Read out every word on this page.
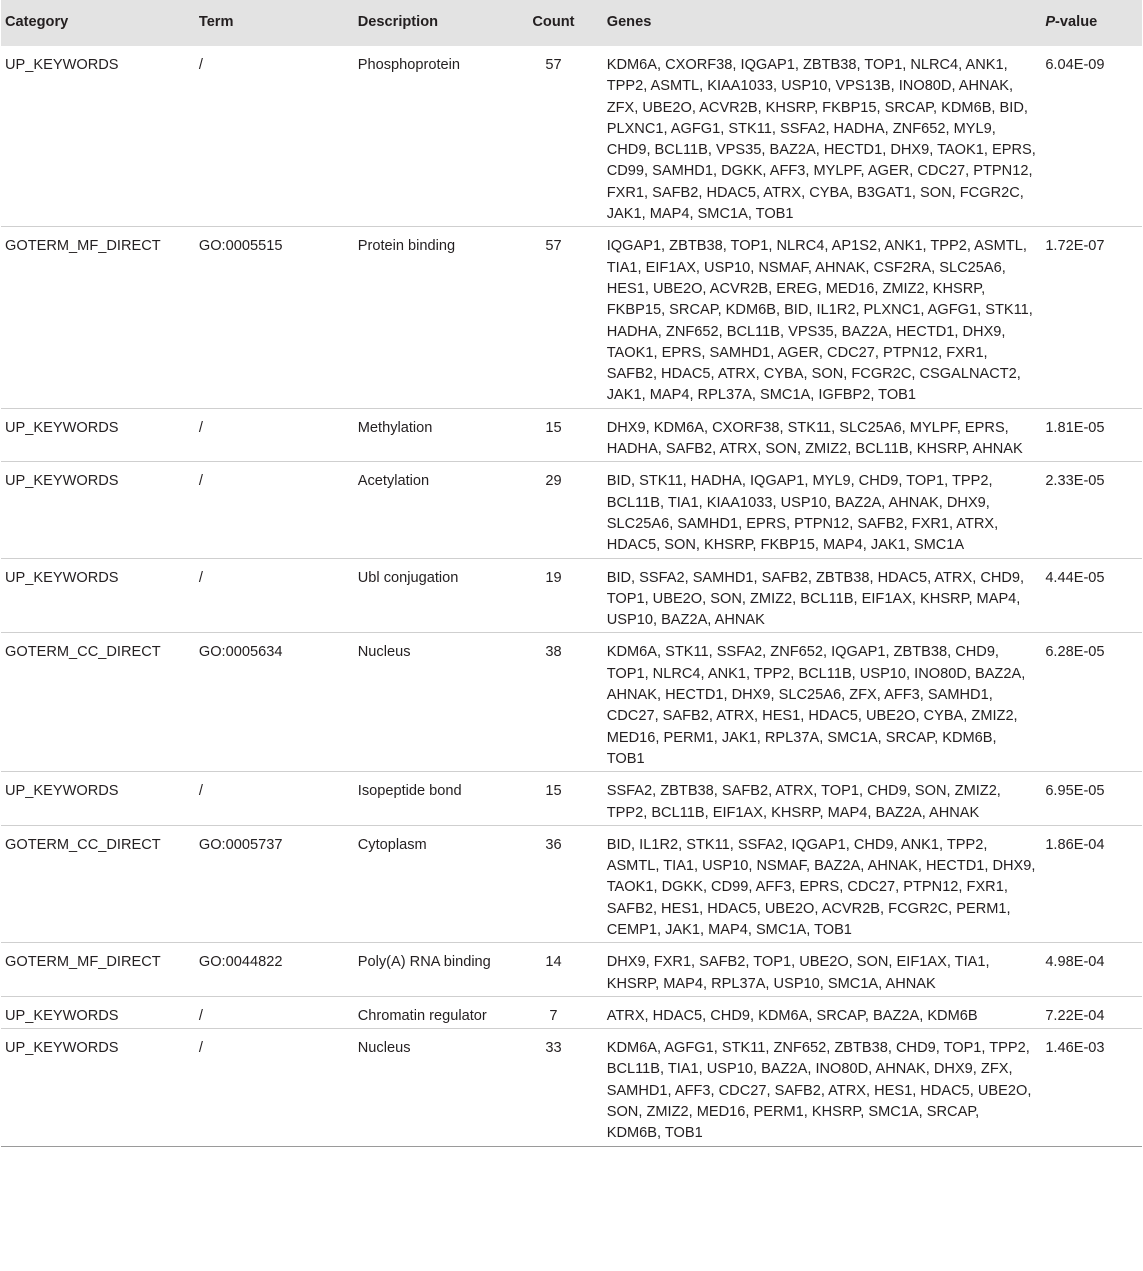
Category	Term	Description	Count	Genes	P-value
UP_KEYWORDS	/	Phosphoprotein	57	KDM6A, CXORF38, IQGAP1, ZBTB38, TOP1, NLRC4, ANK1, TPP2, ASMTL, KIAA1033, USP10, VPS13B, INO80D, AHNAK, ZFX, UBE2O, ACVR2B, KHSRP, FKBP15, SRCAP, KDM6B, BID, PLXNC1, AGFG1, STK11, SSFA2, HADHA, ZNF652, MYL9, CHD9, BCL11B, VPS35, BAZ2A, HECTD1, DHX9, TAOK1, EPRS, CD99, SAMHD1, DGKK, AFF3, MYLPF, AGER, CDC27, PTPN12, FXR1, SAFB2, HDAC5, ATRX, CYBA, B3GAT1, SON, FCGR2C, JAK1, MAP4, SMC1A, TOB1	6.04E-09
GOTERM_MF_DIRECT	GO:0005515	Protein binding	57	IQGAP1, ZBTB38, TOP1, NLRC4, AP1S2, ANK1, TPP2, ASMTL, TIA1, EIF1AX, USP10, NSMAF, AHNAK, CSF2RA, SLC25A6, HES1, UBE2O, ACVR2B, EREG, MED16, ZMIZ2, KHSRP, FKBP15, SRCAP, KDM6B, BID, IL1R2, PLXNC1, AGFG1, STK11, HADHA, ZNF652, BCL11B, VPS35, BAZ2A, HECTD1, DHX9, TAOK1, EPRS, SAMHD1, AGER, CDC27, PTPN12, FXR1, SAFB2, HDAC5, ATRX, CYBA, SON, FCGR2C, CSGALNACT2, JAK1, MAP4, RPL37A, SMC1A, IGFBP2, TOB1	1.72E-07
UP_KEYWORDS	/	Methylation	15	DHX9, KDM6A, CXORF38, STK11, SLC25A6, MYLPF, EPRS, HADHA, SAFB2, ATRX, SON, ZMIZ2, BCL11B, KHSRP, AHNAK	1.81E-05
UP_KEYWORDS	/	Acetylation	29	BID, STK11, HADHA, IQGAP1, MYL9, CHD9, TOP1, TPP2, BCL11B, TIA1, KIAA1033, USP10, BAZ2A, AHNAK, DHX9, SLC25A6, SAMHD1, EPRS, PTPN12, SAFB2, FXR1, ATRX, HDAC5, SON, KHSRP, FKBP15, MAP4, JAK1, SMC1A	2.33E-05
UP_KEYWORDS	/	Ubl conjugation	19	BID, SSFA2, SAMHD1, SAFB2, ZBTB38, HDAC5, ATRX, CHD9, TOP1, UBE2O, SON, ZMIZ2, BCL11B, EIF1AX, KHSRP, MAP4, USP10, BAZ2A, AHNAK	4.44E-05
GOTERM_CC_DIRECT	GO:0005634	Nucleus	38	KDM6A, STK11, SSFA2, ZNF652, IQGAP1, ZBTB38, CHD9, TOP1, NLRC4, ANK1, TPP2, BCL11B, USP10, INO80D, BAZ2A, AHNAK, HECTD1, DHX9, SLC25A6, ZFX, AFF3, SAMHD1, CDC27, SAFB2, ATRX, HES1, HDAC5, UBE2O, CYBA, ZMIZ2, MED16, PERM1, JAK1, RPL37A, SMC1A, SRCAP, KDM6B, TOB1	6.28E-05
UP_KEYWORDS	/	Isopeptide bond	15	SSFA2, ZBTB38, SAFB2, ATRX, TOP1, CHD9, SON, ZMIZ2, TPP2, BCL11B, EIF1AX, KHSRP, MAP4, BAZ2A, AHNAK	6.95E-05
GOTERM_CC_DIRECT	GO:0005737	Cytoplasm	36	BID, IL1R2, STK11, SSFA2, IQGAP1, CHD9, ANK1, TPP2, ASMTL, TIA1, USP10, NSMAF, BAZ2A, AHNAK, HECTD1, DHX9, TAOK1, DGKK, CD99, AFF3, EPRS, CDC27, PTPN12, FXR1, SAFB2, HES1, HDAC5, UBE2O, ACVR2B, FCGR2C, PERM1, CEMP1, JAK1, MAP4, SMC1A, TOB1	1.86E-04
GOTERM_MF_DIRECT	GO:0044822	Poly(A) RNA binding	14	DHX9, FXR1, SAFB2, TOP1, UBE2O, SON, EIF1AX, TIA1, KHSRP, MAP4, RPL37A, USP10, SMC1A, AHNAK	4.98E-04
UP_KEYWORDS	/	Chromatin regulator	7	ATRX, HDAC5, CHD9, KDM6A, SRCAP, BAZ2A, KDM6B	7.22E-04
UP_KEYWORDS	/	Nucleus	33	KDM6A, AGFG1, STK11, ZNF652, ZBTB38, CHD9, TOP1, TPP2, BCL11B, TIA1, USP10, BAZ2A, INO80D, AHNAK, DHX9, ZFX, SAMHD1, AFF3, CDC27, SAFB2, ATRX, HES1, HDAC5, UBE2O, SON, ZMIZ2, MED16, PERM1, KHSRP, SMC1A, SRCAP, KDM6B, TOB1	1.46E-03
